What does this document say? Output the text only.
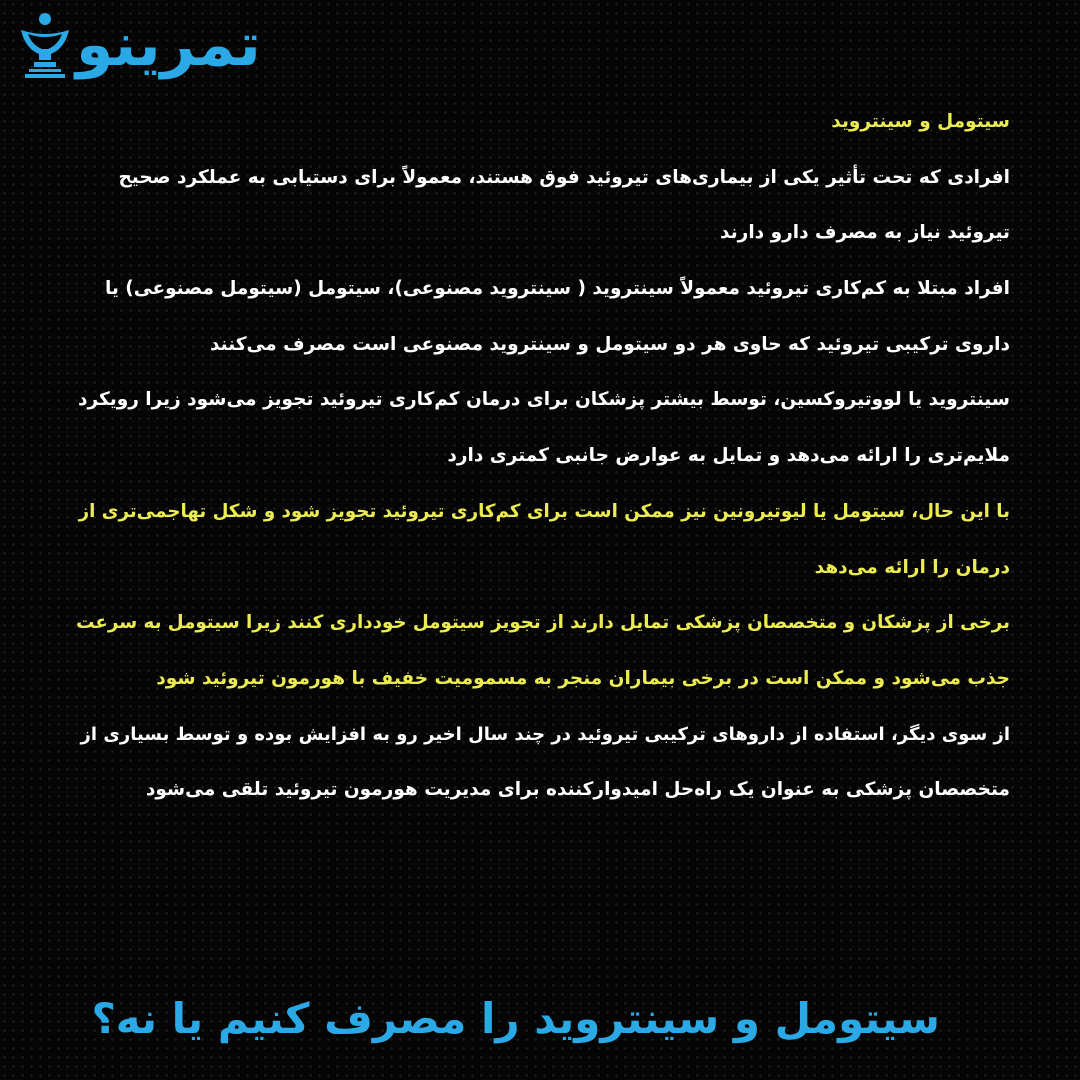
تمرینو
سیتومل و سینتروید
افرادی که تحت تأثیر یکی از بیماری‌های تیروئید فوق هستند، معمولاً برای دستیابی به عملکرد صحیح
تیروئید نیاز به مصرف دارو دارند
افراد مبتلا به کم‌کاری تیروئید معمولاً سینتروید ( سینتروید مصنوعی)، سیتومل (سیتومل مصنوعی) یا
داروی ترکیبی تیروئید که حاوی هر دو سیتومل و سینتروید مصنوعی است مصرف می‌کنند
سینتروید یا لووتیروکسین، توسط بیشتر پزشکان برای درمان کم‌کاری تیروئید تجویز می‌شود زیرا رویکرد
ملایم‌تری را ارائه می‌دهد و تمایل به عوارض جانبی کمتری دارد
با این حال، سیتومل یا لیوتیرونین نیز ممکن است برای کم‌کاری تیروئید تجویز شود و شکل تهاجمی‌تری از
درمان را ارائه می‌دهد
برخی از پزشکان و متخصصان پزشکی تمایل دارند از تجویز سیتومل خودداری کنند زیرا سیتومل به سرعت
جذب می‌شود و ممکن است در برخی بیماران منجر به مسمومیت خفیف با هورمون تیروئید شود
از سوی دیگر، استفاده از داروهای ترکیبی تیروئید در چند سال اخیر رو به افزایش بوده و توسط بسیاری از
متخصصان پزشکی به عنوان یک راه‌حل امیدوارکننده برای مدیریت هورمون تیروئید تلقی می‌شود
سیتومل و سینتروید را مصرف کنیم یا نه؟
